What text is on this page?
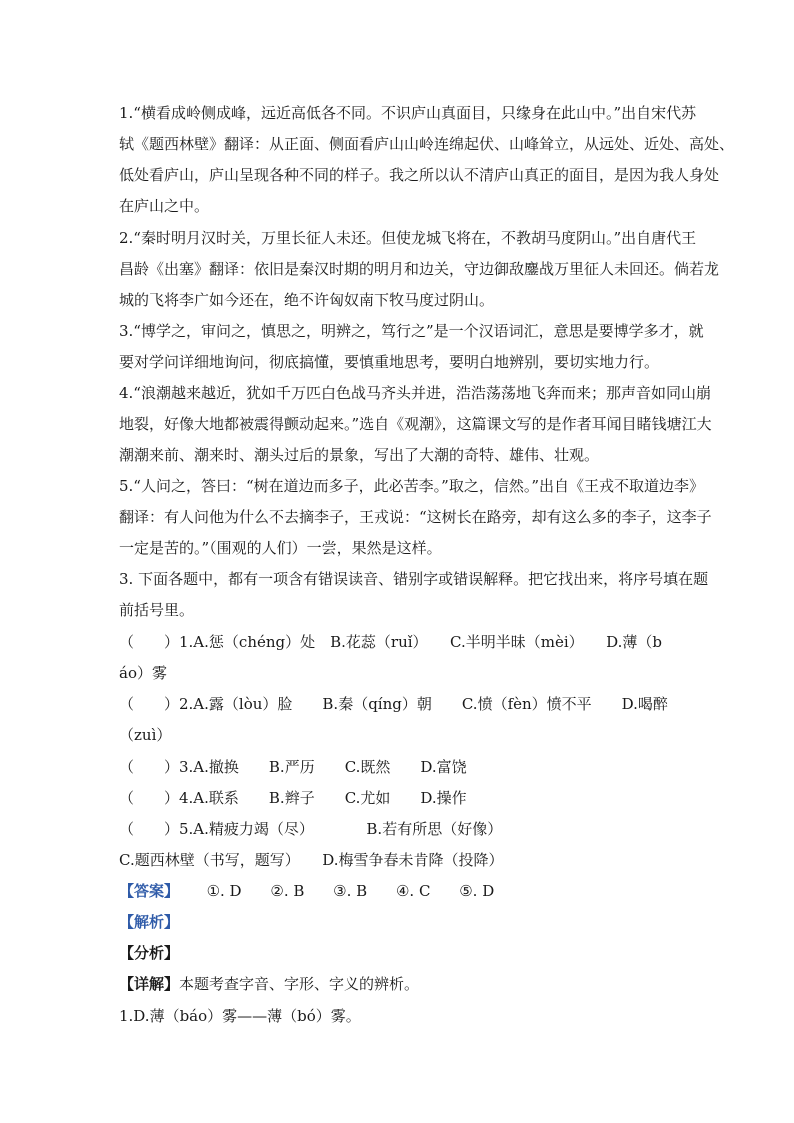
1.“横看成岭侧成峰，远近高低各不同。不识庐山真面目，只缘身在此山中。”出自宋代苏
轼《题西林壁》翻译：从正面、侧面看庐山山岭连绵起伏、山峰耸立，从远处、近处、高处、
低处看庐山，庐山呈现各种不同的样子。我之所以认不清庐山真正的面目，是因为我人身处
在庐山之中。
2.“秦时明月汉时关，万里长征人未还。但使龙城飞将在，不教胡马度阴山。”出自唐代王
昌龄《出塞》翻译：依旧是秦汉时期的明月和边关，守边御敌鏖战万里征人未回还。倘若龙
城的飞将李广如今还在，绝不许匈奴南下牧马度过阴山。
3.“博学之，审问之，慎思之，明辨之，笃行之”是一个汉语词汇，意思是要博学多才，就
要对学问详细地询问，彻底搞懂，要慎重地思考，要明白地辨别，要切实地力行。
4.“浪潮越来越近，犹如千万匹白色战马齐头并进，浩浩荡荡地飞奔而来；那声音如同山崩
地裂，好像大地都被震得颤动起来。”选自《观潮》，这篇课文写的是作者耳闻目睹钱塘江大
潮潮来前、潮来时、潮头过后的景象，写出了大潮的奇特、雄伟、壮观。
5.“人问之，答曰：“树在道边而多子，此必苦李。”取之，信然。”出自《王戎不取道边李》
翻译：有人问他为什么不去摘李子，王戎说：“这树长在路旁，却有这么多的李子，这李子
一定是苦的。”（围观的人们）一尝，果然是这样。
3. 下面各题中，都有一项含有错误读音、错别字或错误解释。把它找出来，将序号填在题
前括号里。
（　　）1.A.惩（chéng）处　B.花蕊（ruǐ）　　C.半明半昧（mèi）　　D.薄（b
áo）雾
（　　）2.A.露（lòu）脸　　B.秦（qíng）朝　　C.愤（fèn）愤不平　　D.喝醉
（zuì）
（　　）3.A.撤换　　B.严历　　C.既然　　D.富饶
（　　）4.A.联系　　B.辫子　　C.尤如　　D.操作
（　　）5.A.精疲力竭（尽）　　　　B.若有所思（好像）
C.题西林壁（书写，题写）　　D.梅雪争春未肯降（投降）
【答案】 ①. D ②. B ③. B ④. C ⑤. D
【解析】
【分析】
【详解】本题考查字音、字形、字义的辨析。
1.D.薄（báo）雾——薄（bó）雾。
